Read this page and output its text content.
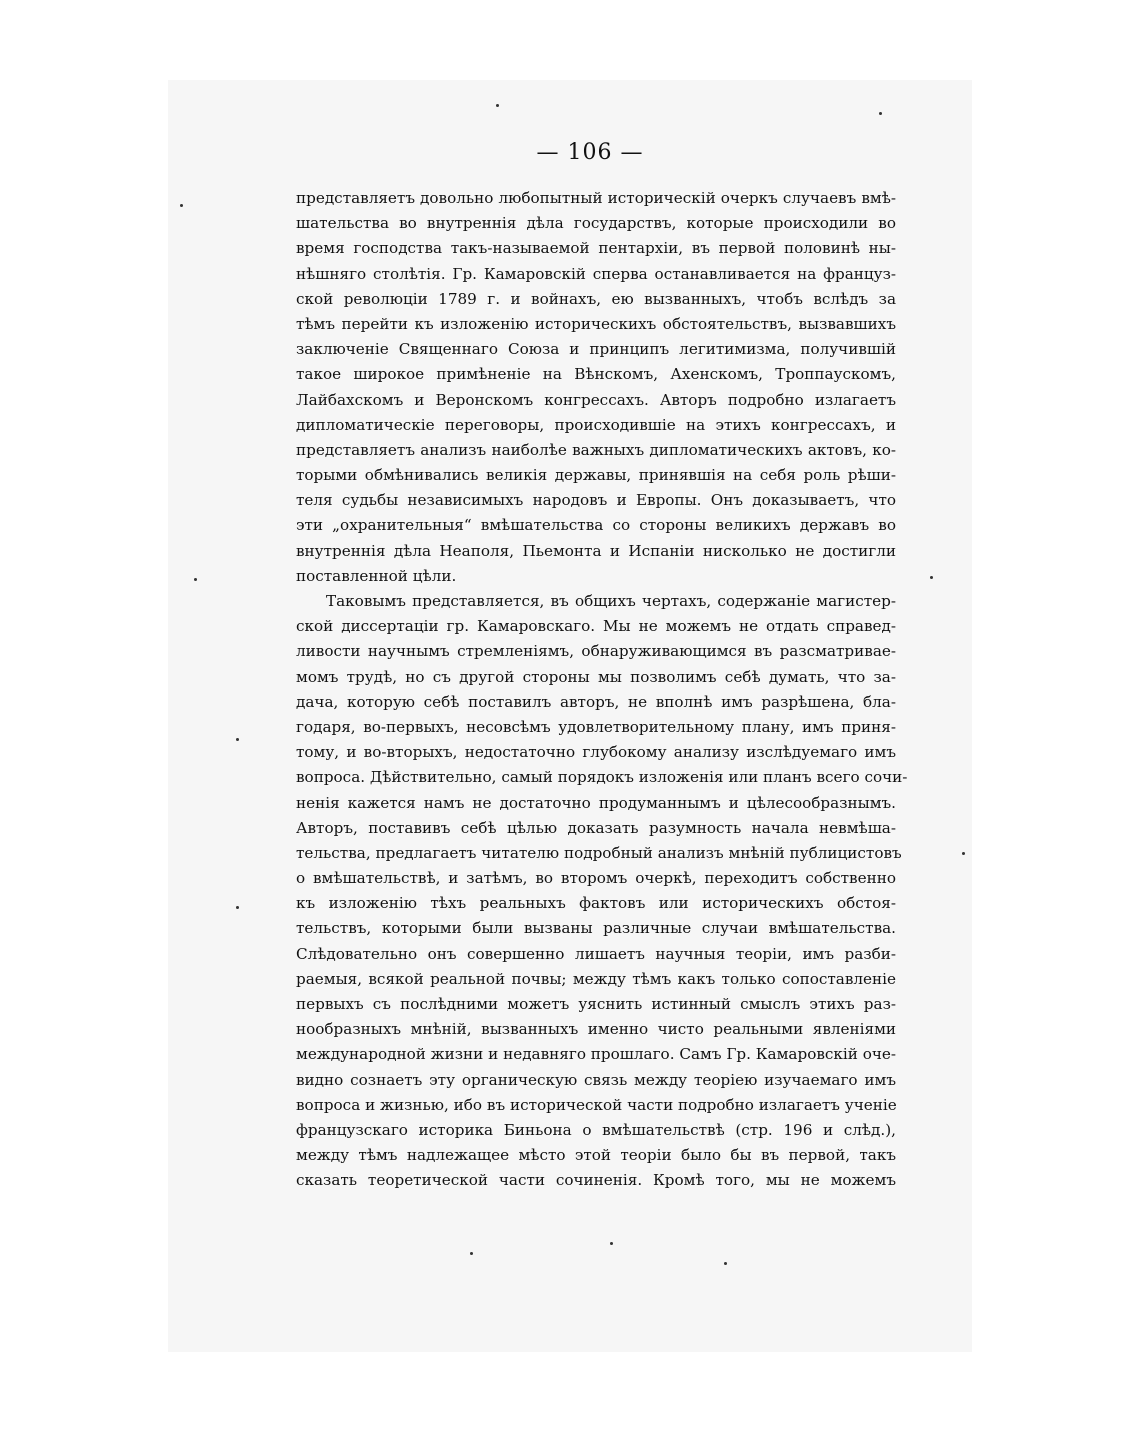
— 106 —
представляетъ довольно любопытный историческій очеркъ случаевъ вмѣ-
шательства во внутреннія дѣла государствъ, которые происходили во
время господства такъ-называемой пентархіи, въ первой половинѣ ны-
нѣшняго столѣтія. Гр. Камаровскій сперва останавливается на француз-
ской революціи 1789 г. и войнахъ, ею вызванныхъ, чтобъ вслѣдъ за
тѣмъ перейти къ изложенію историческихъ обстоятельствъ, вызвавшихъ
заключеніе Священнаго Союза и принципъ легитимизма, получившій
такое широкое примѣненіе на Вѣнскомъ, Ахенскомъ, Троппаускомъ,
Лайбахскомъ и Веронскомъ конгрессахъ. Авторъ подробно излагаетъ
дипломатическіе переговоры, происходившіе на этихъ конгрессахъ, и
представляетъ анализъ наиболѣе важныхъ дипломатическихъ актовъ, ко-
торыми обмѣнивались великія державы, принявшія на себя роль рѣши-
теля судьбы независимыхъ народовъ и Европы. Онъ доказываетъ, что
эти „охранительныя“ вмѣшательства со стороны великихъ державъ во
внутреннія дѣла Неаполя, Пьемонта и Испаніи нисколько не достигли
поставленной цѣли.
Таковымъ представляется, въ общихъ чертахъ, содержаніе магистер-
ской диссертаціи гр. Камаровскаго. Мы не можемъ не отдать справед-
ливости научнымъ стремленіямъ, обнаруживающимся въ разсматривае-
момъ трудѣ, но съ другой стороны мы позволимъ себѣ думать, что за-
дача, которую себѣ поставилъ авторъ, не вполнѣ имъ разрѣшена, бла-
годаря, во-первыхъ, несовсѣмъ удовлетворительному плану, имъ приня-
тому, и во-вторыхъ, недостаточно глубокому анализу изслѣдуемаго имъ
вопроса. Дѣйствительно, самый порядокъ изложенія или планъ всего сочи-
ненія кажется намъ не достаточно продуманнымъ и цѣлесообразнымъ.
Авторъ, поставивъ себѣ цѣлью доказать разумность начала невмѣша-
тельства, предлагаетъ читателю подробный анализъ мнѣній публицистовъ
о вмѣшательствѣ, и затѣмъ, во второмъ очеркѣ, переходитъ собственно
къ изложенію тѣхъ реальныхъ фактовъ или историческихъ обстоя-
тельствъ, которыми были вызваны различные случаи вмѣшательства.
Слѣдовательно онъ совершенно лишаетъ научныя теоріи, имъ разби-
раемыя, всякой реальной почвы; между тѣмъ какъ только сопоставленіе
первыхъ съ послѣдними можетъ уяснить истинный смыслъ этихъ раз-
нообразныхъ мнѣній, вызванныхъ именно чисто реальными явленіями
международной жизни и недавняго прошлаго. Самъ Гр. Камаровскій оче-
видно сознаетъ эту органическую связь между теоріею изучаемаго имъ
вопроса и жизнью, ибо въ исторической части подробно излагаетъ ученіе
французскаго историка Биньона о вмѣшательствѣ (стр. 196 и слѣд.),
между тѣмъ надлежащее мѣсто этой теоріи было бы въ первой, такъ
сказать теоретической части сочиненія. Кромѣ того, мы не можемъ
